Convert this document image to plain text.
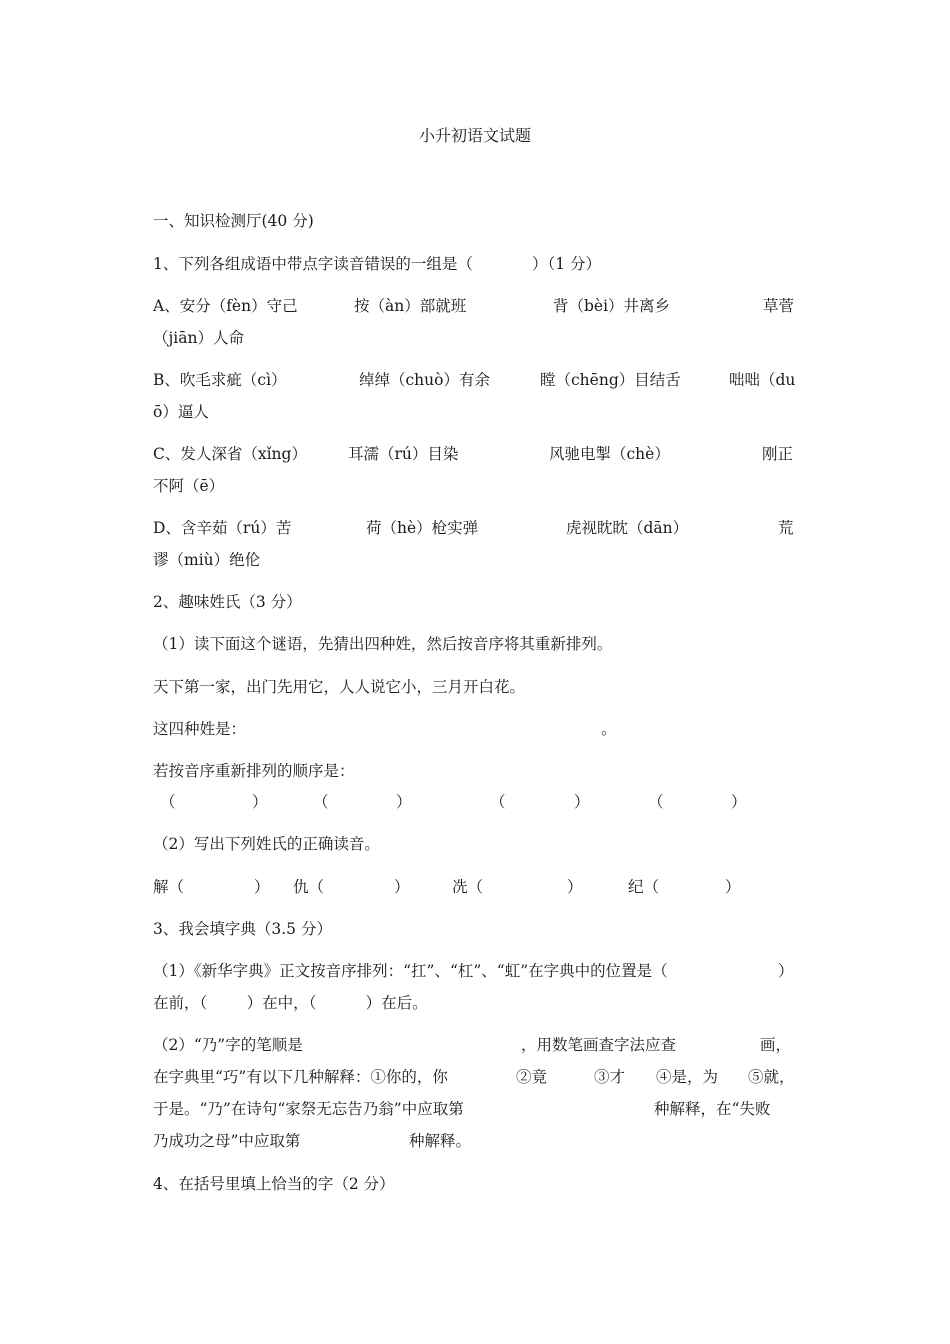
小升初语文试题
一、知识检测厅(40 分)
1、下列各组成语中带点字读音错误的一组是（            ）（1 分）
A、安分（fèn）守己	按（àn）部就班	背（bèi）井离乡	草菅
（jiān）人命
B、吹毛求疵（cì）	绰绰（chuò）有余	瞠（chēng）目结舌	咄咄（du
ō）逼人
C、发人深省（xǐng）	耳濡（rú）目染	风驰电掣（chè）	刚正
不阿（ē）
D、含辛茹（rú）苦	荷（hè）枪实弹	虎视眈眈（dān）	荒
谬（miù）绝伦
2、趣味姓氏（3 分）
（1）读下面这个谜语，先猜出四种姓，然后按音序将其重新排列。
天下第一家，出门先用它，人人说它小，三月开白花。
这四种姓是：	。
若按音序重新排列的顺序是：
（	）	（	）	（	）	（	）
（2）写出下列姓氏的正确读音。
解（	） 仇（	）	冼（	）	纪（	）
3、我会填字典（3.5 分）
（1）《新华字典》正文按音序排列：“扛”、“杠”、“虹”在字典中的位置是（	）
在前，（        ）在中，（          ）在后。
（2）“乃”字的笔顺是	，用数笔画查字法应查	画，
在字典里“巧”有以下几种解释：①你的，你	②竟	③才 ④是，为 ⑤就，
于是。“乃”在诗句“家祭无忘告乃翁”中应取第	种解释，在“失败
乃成功之母”中应取第	种解释。
4、在括号里填上恰当的字（2 分）
